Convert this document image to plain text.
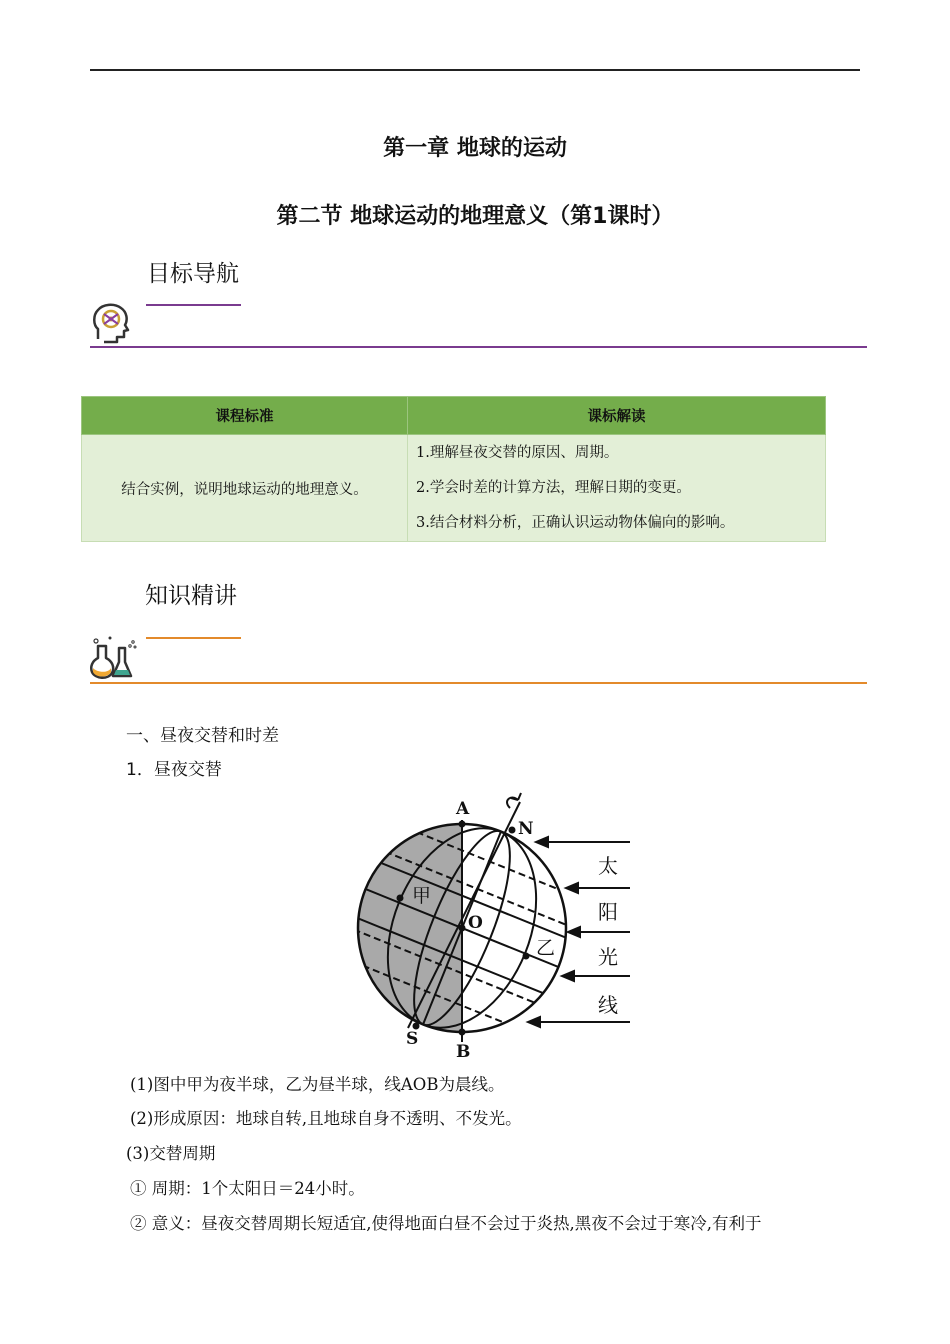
第一章 地球的运动
第二节 地球运动的地理意义（第1课时）
目标导航
课程标准	课标解读
结合实例，说明地球运动的地理意义。	1.理解昼夜交替的原因、周期。
2.学会时差的计算方法，理解日期的变更。
3.结合材料分析，正确认识运动物体偏向的影响。
知识精讲
一、昼夜交替和时差
1．昼夜交替
A
B
N
S
O
甲
乙
太
阳
光
线
(1)图中甲为夜半球，乙为昼半球，线AOB为晨线。
(2)形成原因：地球自转,且地球自身不透明、不发光。
(3)交替周期
① 周期：1个太阳日＝24小时。
② 意义：昼夜交替周期长短适宜,使得地面白昼不会过于炎热,黑夜不会过于寒冷,有利于
